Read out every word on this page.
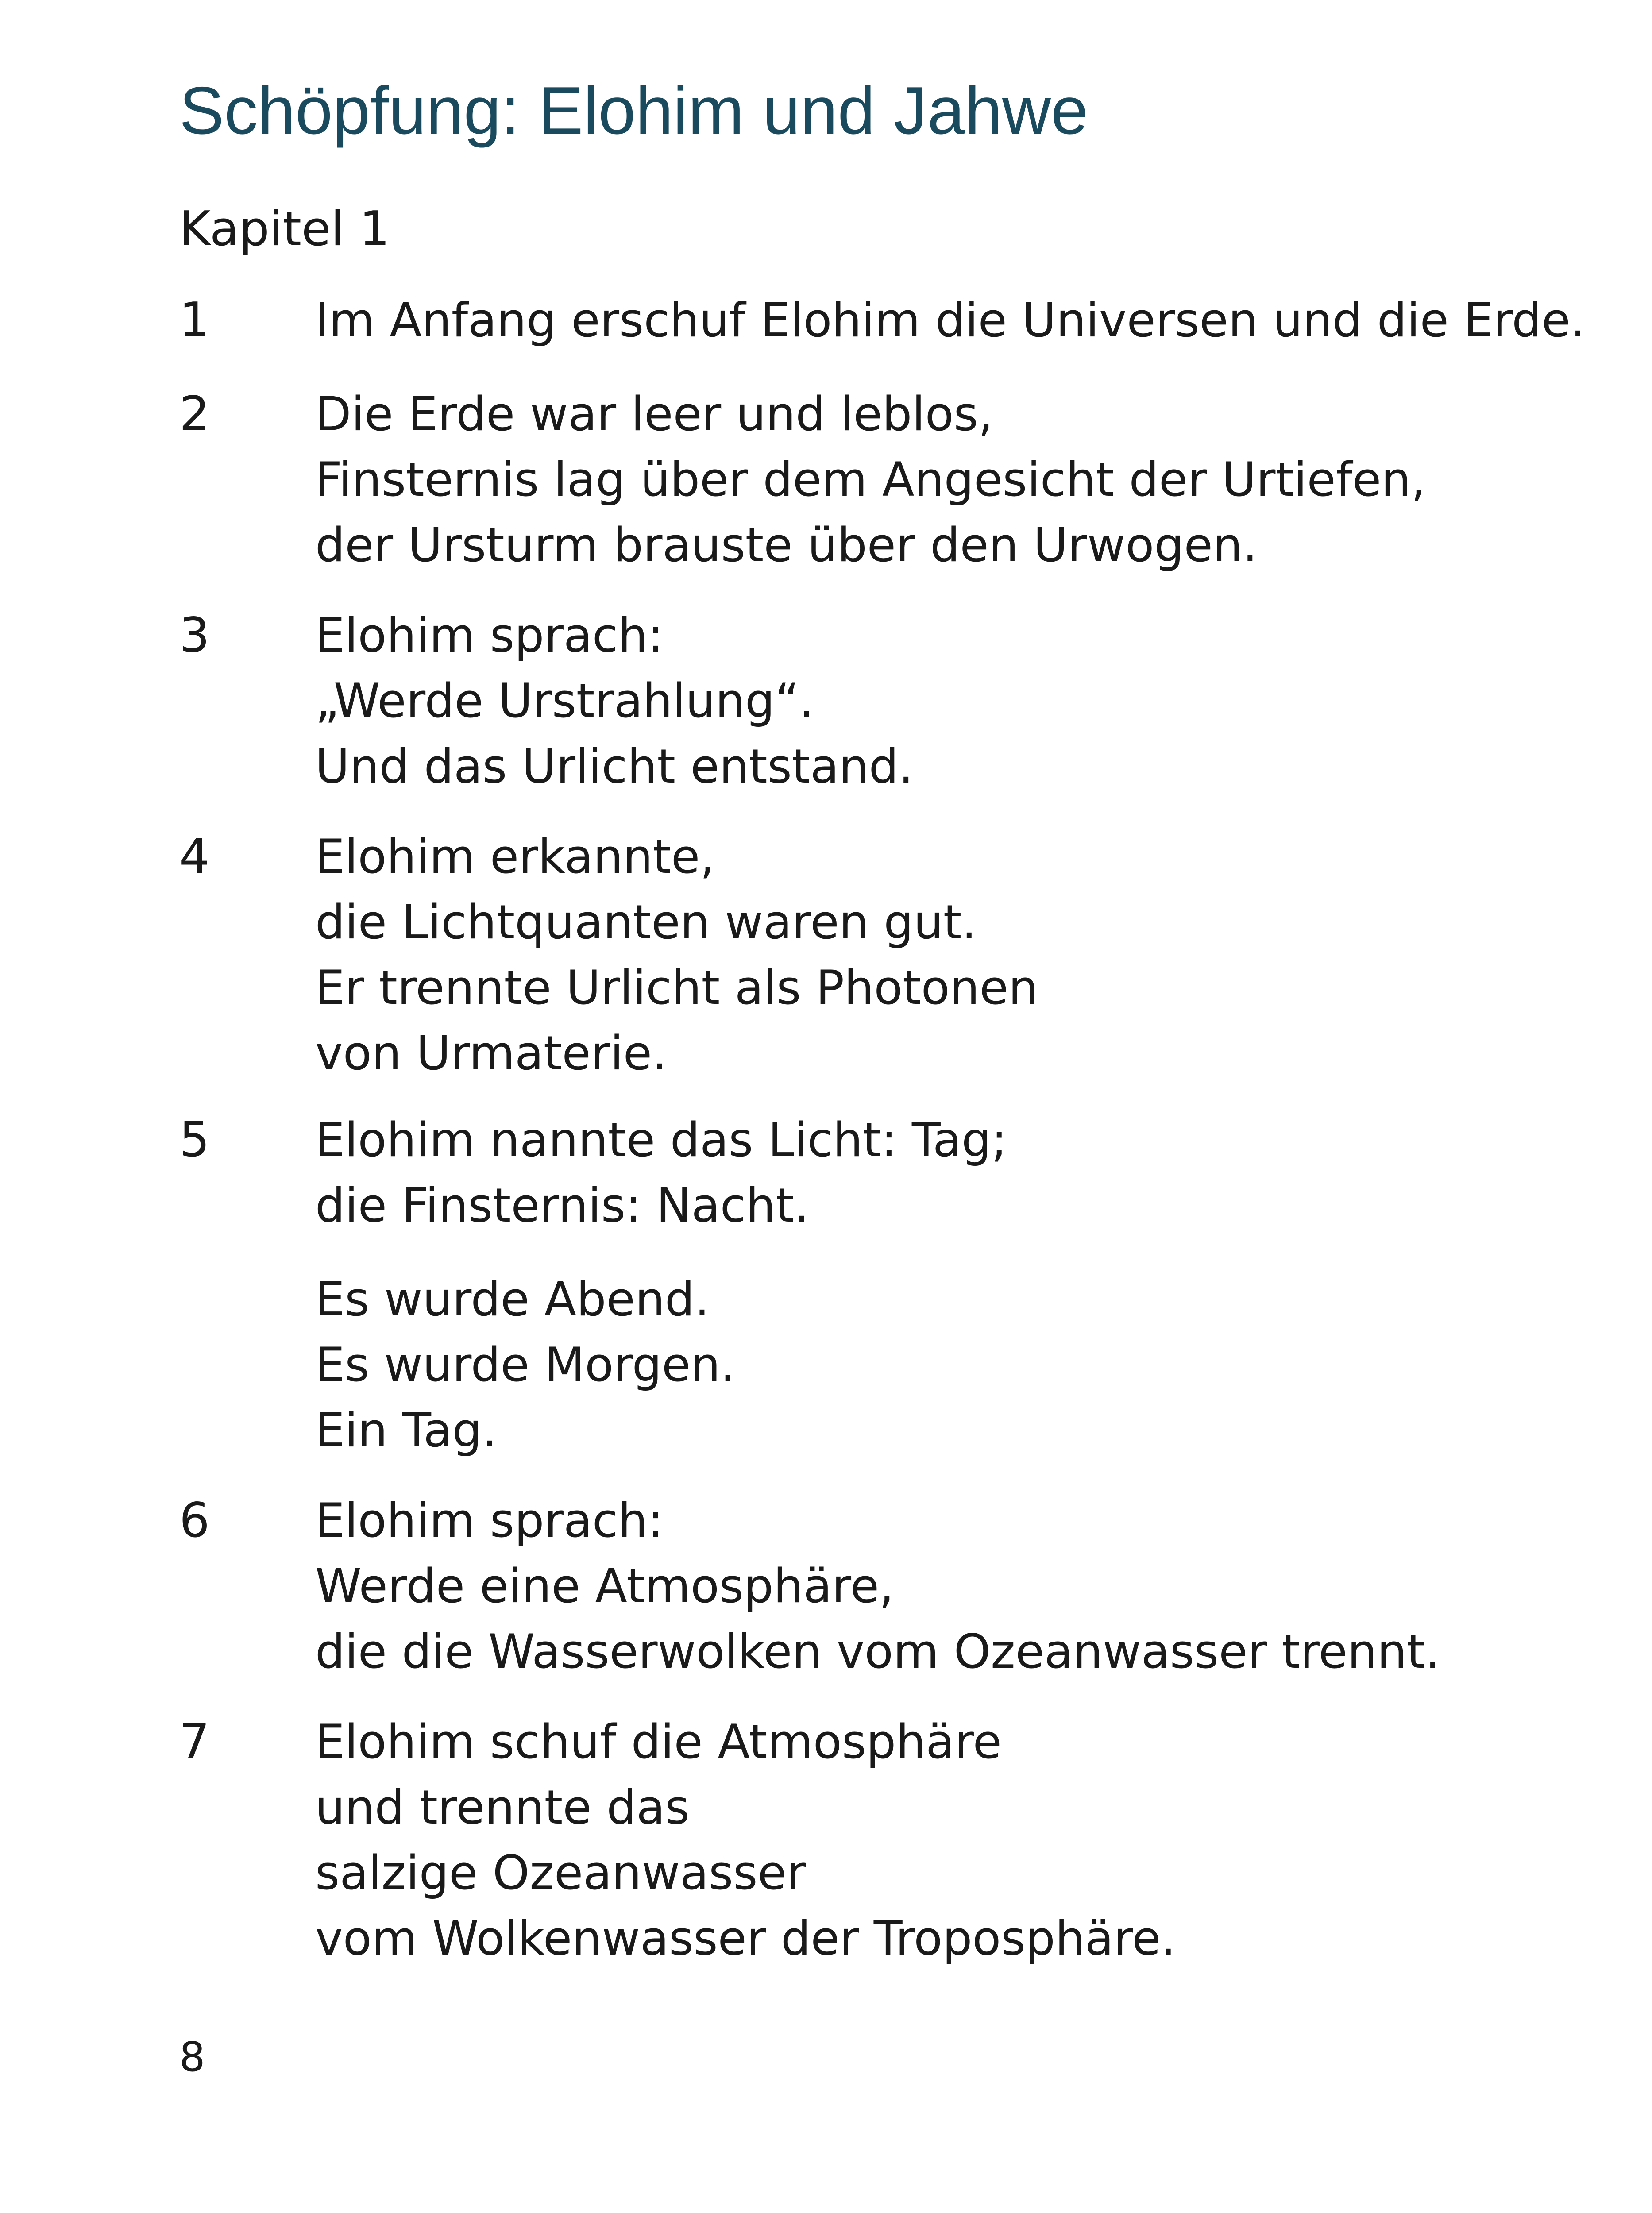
Schöpfung: Elohim und Jahwe
Kapitel 1
1 Im Anfang erschuf Elohim die Universen und die Erde.
2 Die Erde war leer und leblos,
Finsternis lag über dem Angesicht der Urtiefen,
der Ursturm brauste über den Urwogen.
3 Elohim sprach:
„Werde Urstrahlung“.
Und das Urlicht entstand.
4 Elohim erkannte,
die Lichtquanten waren gut.
Er trennte Urlicht als Photonen
von Urmaterie.
5 Elohim nannte das Licht: Tag;
die Finsternis: Nacht.
Es wurde Abend.
Es wurde Morgen.
Ein Tag.
6 Elohim sprach:
Werde eine Atmosphäre,
die die Wasserwolken vom Ozeanwasser trennt.
7 Elohim schuf die Atmosphäre
und trennte das
salzige Ozeanwasser
vom Wolkenwasser der Troposphäre.
8
